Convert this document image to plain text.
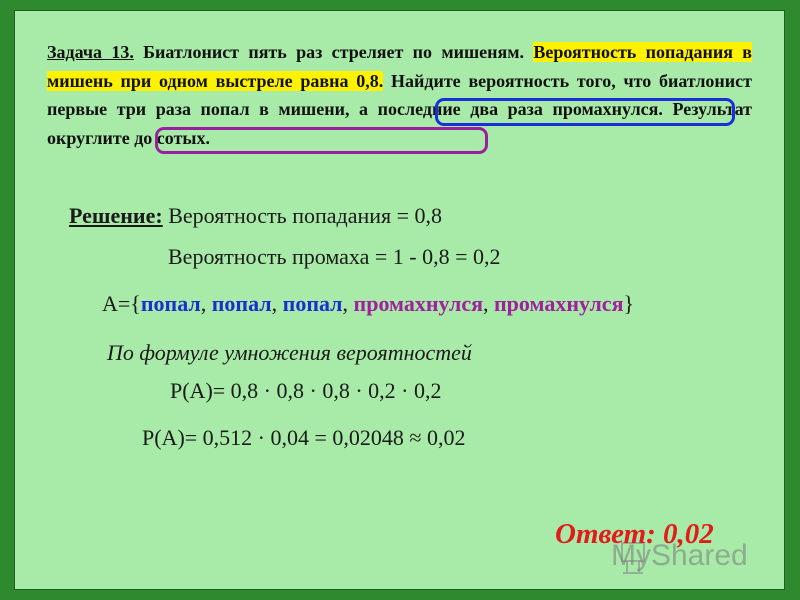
Задача 13. Биатлонист пять раз стреляет по мишеням. Вероятность попадания в мишень при одном выстреле равна 0,8. Найдите вероятность того, что биатлонист первые три раза попал в мишени, а последние два раза промахнулся. Результат округлите до сотых.
Решение: Вероятность попадания = 0,8
Вероятность промаха = 1 - 0,8 = 0,2
A={попал, попал, попал, промахнулся, промахнулся}
По формуле умножения вероятностей
P(A)= 0,8 · 0,8 · 0,8 · 0,2 · 0,2
P(A)= 0,512 · 0,04 = 0,02048 ≈ 0,02
MyShared
Ответ: 0,02
